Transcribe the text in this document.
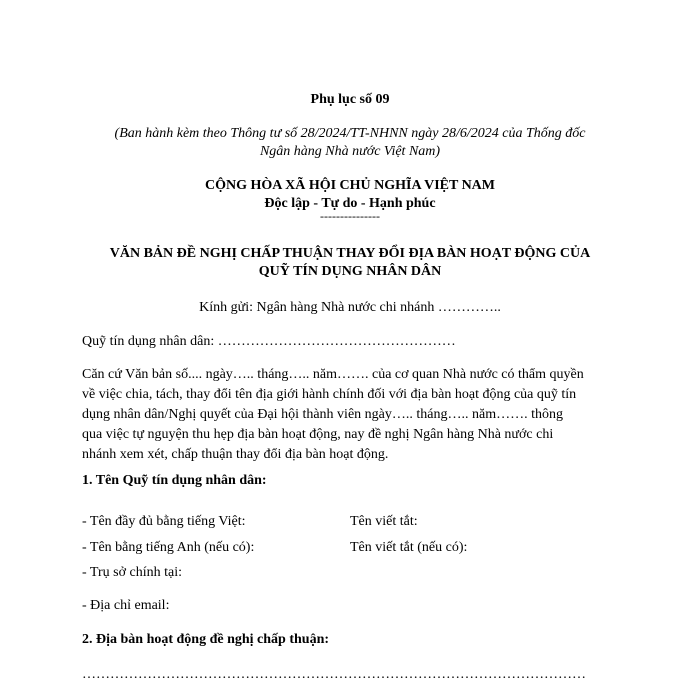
Phụ lục số 09
(Ban hành kèm theo Thông tư số 28/2024/TT-NHNN ngày 28/6/2024 của Thống đốc
Ngân hàng Nhà nước Việt Nam)
CỘNG HÒA XÃ HỘI CHỦ NGHĨA VIỆT NAM
Độc lập - Tự do - Hạnh phúc
---------------
VĂN BẢN ĐỀ NGHỊ CHẤP THUẬN THAY ĐỔI ĐỊA BÀN HOẠT ĐỘNG CỦA
QUỸ TÍN DỤNG NHÂN DÂN
Kính gửi: Ngân hàng Nhà nước chi nhánh …………..
Quỹ tín dụng nhân dân: ……………………………………………
Căn cứ Văn bản số.... ngày….. tháng….. năm……. của cơ quan Nhà nước có thẩm quyền
về việc chia, tách, thay đổi tên địa giới hành chính đối với địa bàn hoạt động của quỹ tín
dụng nhân dân/Nghị quyết của Đại hội thành viên ngày….. tháng….. năm……. thông
qua việc tự nguyện thu hẹp địa bàn hoạt động, nay đề nghị Ngân hàng Nhà nước chi
nhánh xem xét, chấp thuận thay đổi địa bàn hoạt động.
1. Tên Quỹ tín dụng nhân dân:
- Tên đầy đủ bằng tiếng Việt:	Tên viết tắt:
- Tên bằng tiếng Anh (nếu có):	Tên viết tắt (nếu có):
- Trụ sở chính tại:
- Địa chỉ email:
2. Địa bàn hoạt động đề nghị chấp thuận:
………………………………………………………………………………………………
